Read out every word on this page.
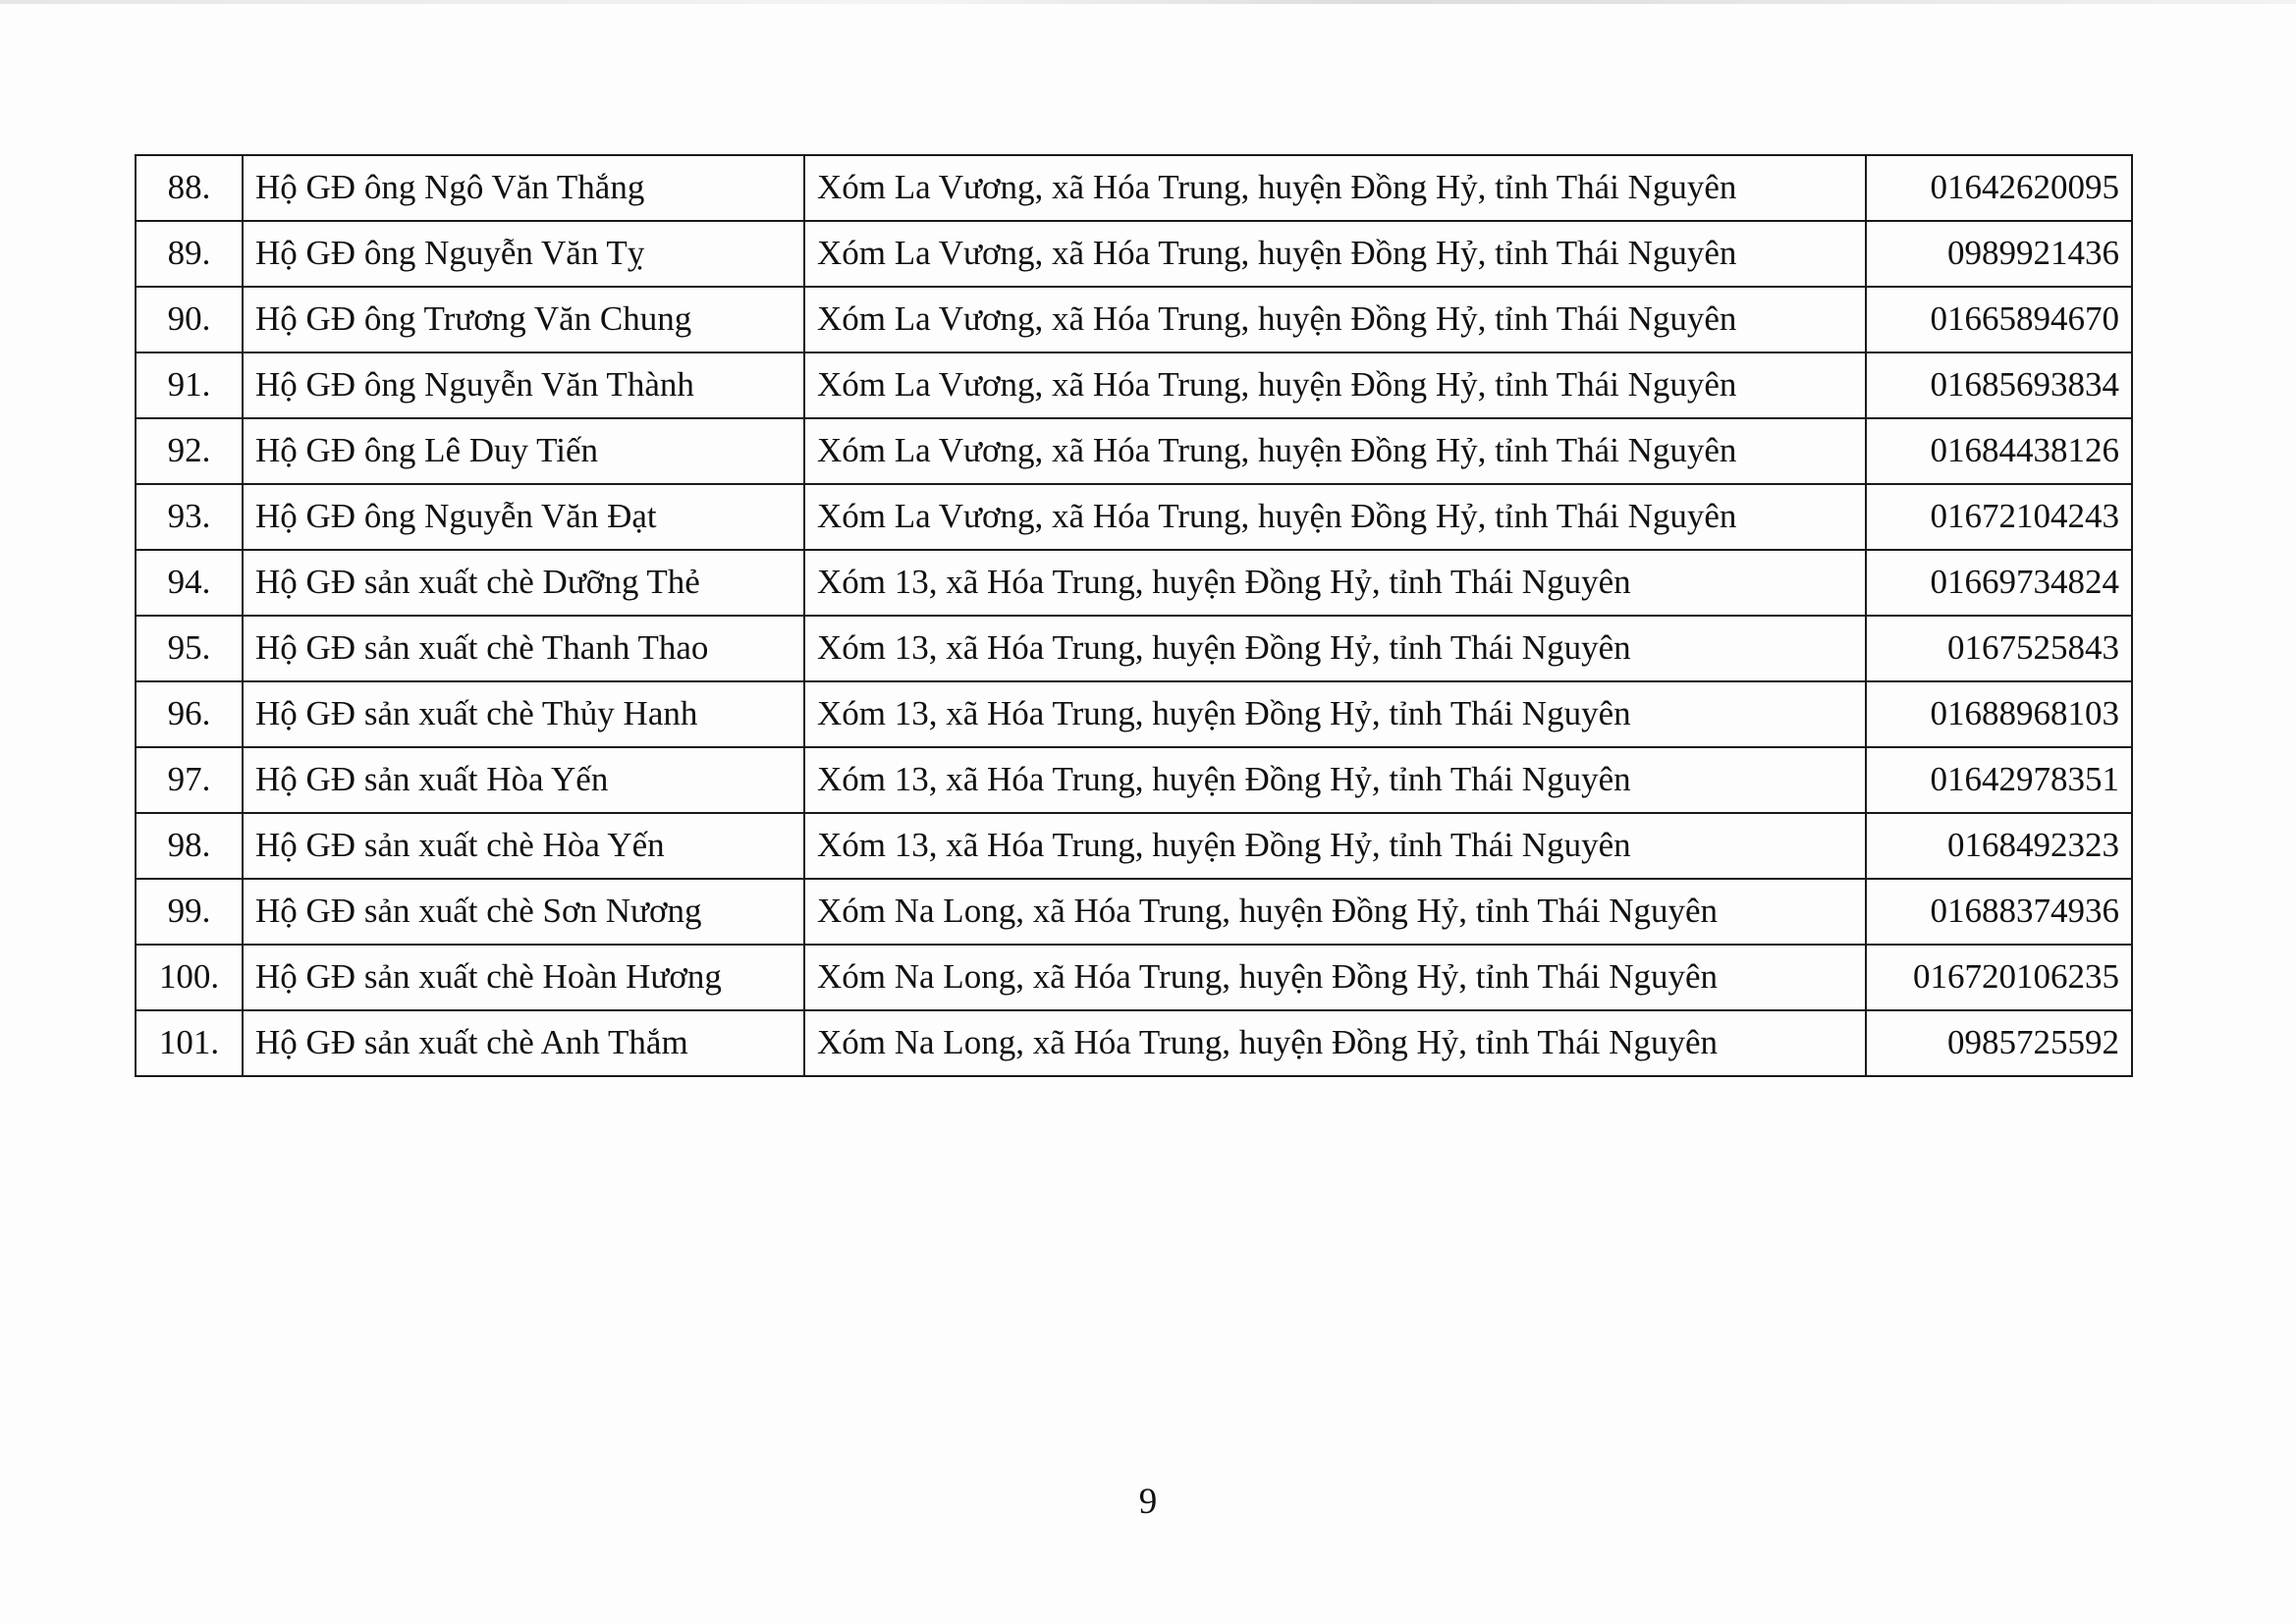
88.	Hộ GĐ ông Ngô Văn Thắng	Xóm La Vương, xã Hóa Trung, huyện Đồng Hỷ, tỉnh Thái Nguyên	01642620095
89.	Hộ GĐ ông Nguyễn Văn Tỵ	Xóm La Vương, xã Hóa Trung, huyện Đồng Hỷ, tỉnh Thái Nguyên	0989921436
90.	Hộ GĐ ông Trương Văn Chung	Xóm La Vương, xã Hóa Trung, huyện Đồng Hỷ, tỉnh Thái Nguyên	01665894670
91.	Hộ GĐ ông Nguyễn Văn Thành	Xóm La Vương, xã Hóa Trung, huyện Đồng Hỷ, tỉnh Thái Nguyên	01685693834
92.	Hộ GĐ ông Lê Duy Tiến	Xóm La Vương, xã Hóa Trung, huyện Đồng Hỷ, tỉnh Thái Nguyên	01684438126
93.	Hộ GĐ ông Nguyễn Văn Đạt	Xóm La Vương, xã Hóa Trung, huyện Đồng Hỷ, tỉnh Thái Nguyên	01672104243
94.	Hộ GĐ sản xuất chè Dưỡng Thẻ	Xóm 13, xã Hóa Trung, huyện Đồng Hỷ, tỉnh Thái Nguyên	01669734824
95.	Hộ GĐ sản xuất chè Thanh Thao	Xóm 13, xã Hóa Trung, huyện Đồng Hỷ, tỉnh Thái Nguyên	0167525843
96.	Hộ GĐ sản xuất chè Thủy Hanh	Xóm 13, xã Hóa Trung, huyện Đồng Hỷ, tỉnh Thái Nguyên	01688968103
97.	Hộ GĐ sản xuất Hòa Yến	Xóm 13, xã Hóa Trung, huyện Đồng Hỷ, tỉnh Thái Nguyên	01642978351
98.	Hộ GĐ sản xuất chè Hòa Yến	Xóm 13, xã Hóa Trung, huyện Đồng Hỷ, tỉnh Thái Nguyên	0168492323
99.	Hộ GĐ sản xuất chè Sơn Nương	Xóm Na Long, xã Hóa Trung, huyện Đồng Hỷ, tỉnh Thái Nguyên	01688374936
100.	Hộ GĐ sản xuất chè Hoàn Hương	Xóm Na Long, xã Hóa Trung, huyện Đồng Hỷ, tỉnh Thái Nguyên	016720106235
101.	Hộ GĐ sản xuất chè Anh Thắm	Xóm Na Long, xã Hóa Trung, huyện Đồng Hỷ, tỉnh Thái Nguyên	0985725592
9
